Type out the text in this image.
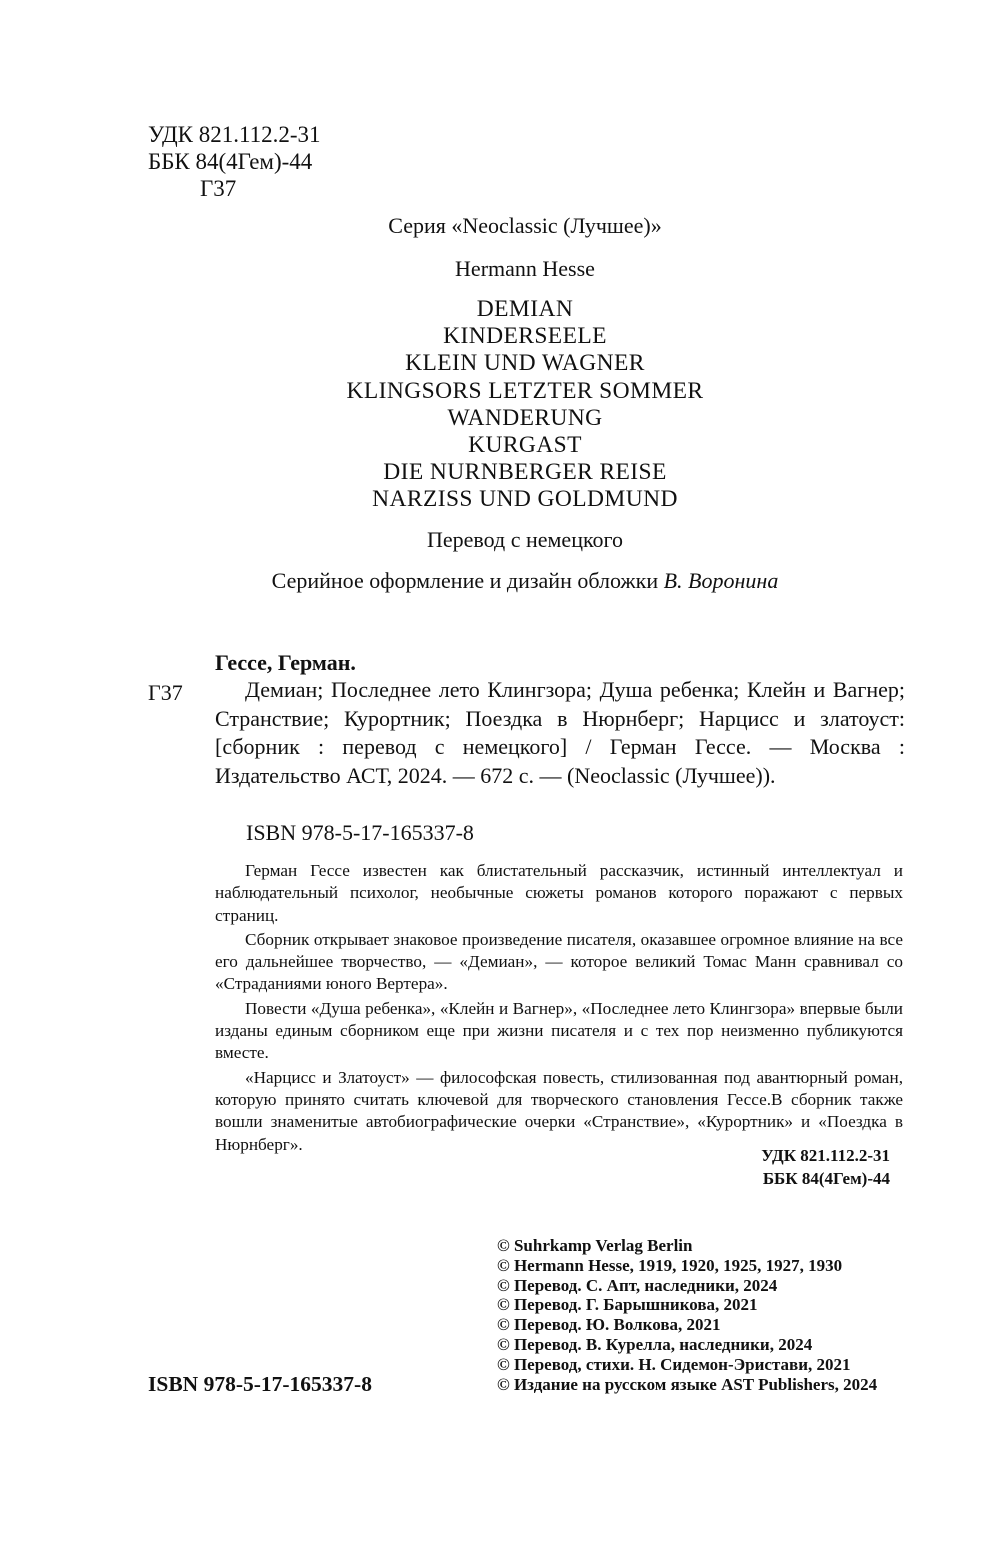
УДК 821.112.2-31
ББК 84(4Гем)-44
Г37
Серия «Neoclassic (Лучшее)»
Hermann Hesse
DEMIAN
KINDERSEELE
KLEIN UND WAGNER
KLINGSORS LETZTER SOMMER
WANDERUNG
KURGAST
DIE NURNBERGER REISE
NARZISS UND GOLDMUND
Перевод с немецкого
Серийное оформление и дизайн обложки В. Воронина
Гессе, Герман.
Г37	Демиан; Последнее лето Клингзора; Душа ребенка; Клейн и Вагнер; Странствие; Курортник; Поездка в Нюрнберг; Нарцисс и златоуст: [сборник : перевод с немецкого] / Герман Гессе. — Москва : Издательство АСТ, 2024. — 672 с. — (Neoclassic (Лучшее)).
ISBN 978-5-17-165337-8

Герман Гессе известен как блистательный рассказчик, истинный интеллектуал и наблюдательный психолог, необычные сюжеты романов которого поражают с первых страниц.

Сборник открывает знаковое произведение писателя, оказавшее огромное влияние на все его дальнейшее творчество, — «Демиан», — которое великий Томас Манн сравнивал со «Страданиями юного Вертера».

Повести «Душа ребенка», «Клейн и Вагнер», «Последнее лето Клингзора» впервые были изданы единым сборником еще при жизни писателя и с тех пор неизменно публикуются вместе.

«Нарцисс и Златоуст» — философская повесть, стилизованная под авантюрный роман, которую принято считать ключевой для творческого становления Гессе.В сборник также вошли знаменитые автобиографические очерки «Странствие», «Курортник» и «Поездка в Нюрнберг».

УДК 821.112.2-31
ББК 84(4Гем)-44
© Suhrkamp Verlag Berlin
© Hermann Hesse, 1919, 1920, 1925, 1927, 1930
© Перевод. С. Апт, наследники, 2024
© Перевод. Г. Барышникова, 2021
© Перевод. Ю. Волкова, 2021
© Перевод. В. Курелла, наследники, 2024
© Перевод, стихи. Н. Сидемон-Эристави, 2021
© Издание на русском языке AST Publishers, 2024
ISBN 978-5-17-165337-8
